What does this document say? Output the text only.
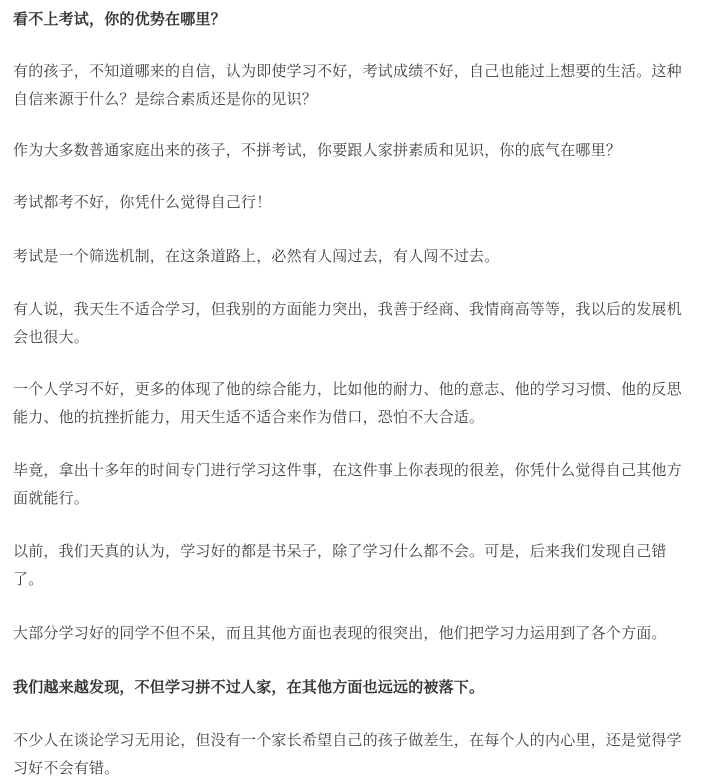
看不上考试，你的优势在哪里？

有的孩子，不知道哪来的自信，认为即使学习不好，考试成绩不好，自己也能过上想要的生活。这种自信来源于什么？是综合素质还是你的见识？

作为大多数普通家庭出来的孩子，不拼考试，你要跟人家拼素质和见识，你的底气在哪里？

考试都考不好，你凭什么觉得自己行！

考试是一个筛选机制，在这条道路上，必然有人闯过去，有人闯不过去。

有人说，我天生不适合学习，但我别的方面能力突出，我善于经商、我情商高等等，我以后的发展机会也很大。

一个人学习不好，更多的体现了他的综合能力，比如他的耐力、他的意志、他的学习习惯、他的反思能力、他的抗挫折能力，用天生适不适合来作为借口，恐怕不大合适。

毕竟，拿出十多年的时间专门进行学习这件事，在这件事上你表现的很差，你凭什么觉得自己其他方面就能行。

以前，我们天真的认为，学习好的都是书呆子，除了学习什么都不会。可是，后来我们发现自己错了。

大部分学习好的同学不但不呆，而且其他方面也表现的很突出，他们把学习力运用到了各个方面。

我们越来越发现，不但学习拼不过人家，在其他方面也远远的被落下。

不少人在谈论学习无用论，但没有一个家长希望自己的孩子做差生，在每个人的内心里，还是觉得学习好不会有错。
